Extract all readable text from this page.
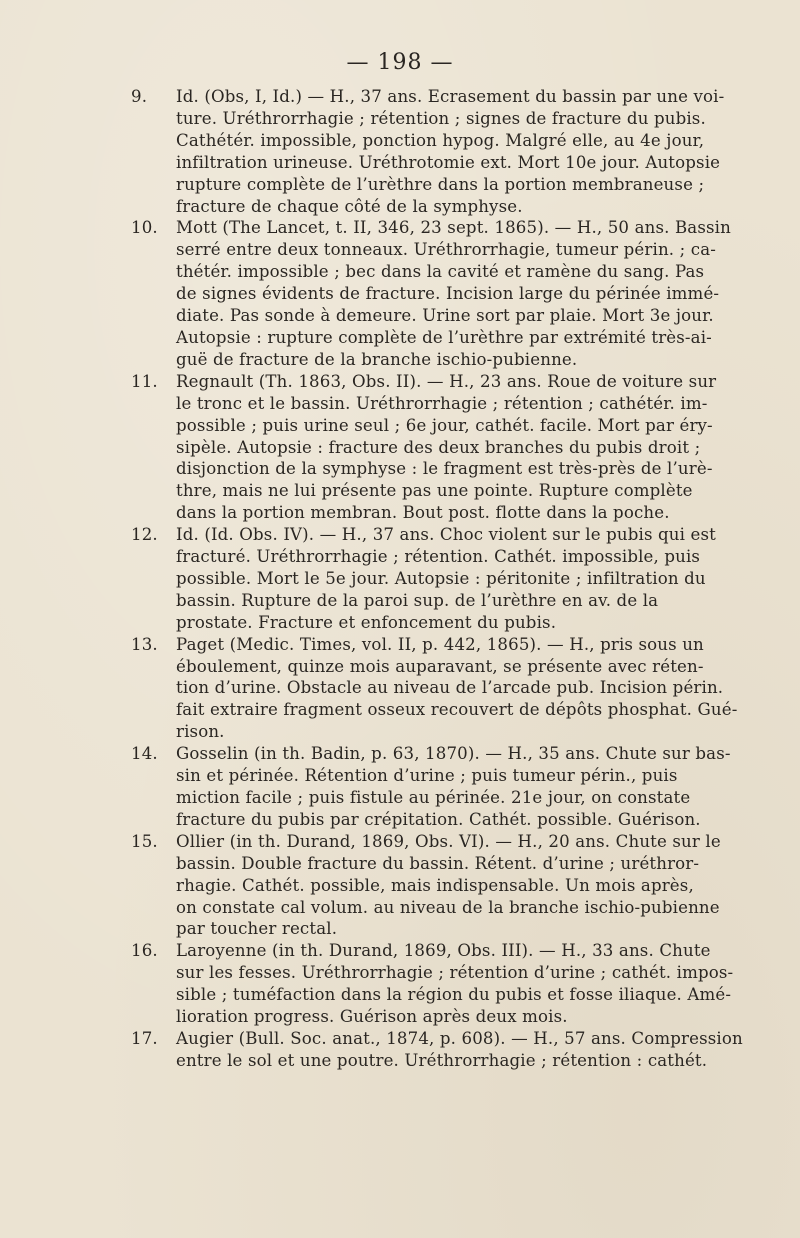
— 198 —
9.	Id. (Obs, I, Id.) — H., 37 ans. Ecrasement du bassin par une voi-
ture. Uréthrorrhagie ; rétention ; signes de fracture du pubis.
Cathétér. impossible, ponction hypog. Malgré elle, au 4e jour,
infiltration urineuse. Uréthrotomie ext. Mort 10e jour. Autopsie
rupture complète de l’urèthre dans la portion membraneuse ;
fracture de chaque côté de la symphyse.
10.	Mott (The Lancet, t. II, 346, 23 sept. 1865). — H., 50 ans. Bassin
serré entre deux tonneaux. Uréthrorrhagie, tumeur périn. ; ca-
thétér. impossible ; bec dans la cavité et ramène du sang. Pas
de signes évidents de fracture. Incision large du périnée immé-
diate. Pas sonde à demeure. Urine sort par plaie. Mort 3e jour.
Autopsie : rupture complète de l’urèthre par extrémité très-ai-
guë de fracture de la branche ischio-pubienne.
11.	Regnault (Th. 1863, Obs. II). — H., 23 ans. Roue de voiture sur
le tronc et le bassin. Uréthrorrhagie ; rétention ; cathétér. im-
possible ; puis urine seul ; 6e jour, cathét. facile. Mort par éry-
sipèle. Autopsie : fracture des deux branches du pubis droit ;
disjonction de la symphyse : le fragment est très-près de l’urè-
thre, mais ne lui présente pas une pointe. Rupture complète
dans la portion membran. Bout post. flotte dans la poche.
12.	Id. (Id. Obs. IV). — H., 37 ans. Choc violent sur le pubis qui est
fracturé. Uréthrorrhagie ; rétention. Cathét. impossible, puis
possible. Mort le 5e jour. Autopsie : péritonite ; infiltration du
bassin. Rupture de la paroi sup. de l’urèthre en av. de la
prostate. Fracture et enfoncement du pubis.
13.	Paget (Medic. Times, vol. II, p. 442, 1865). — H., pris sous un
éboulement, quinze mois auparavant, se présente avec réten-
tion d’urine. Obstacle au niveau de l’arcade pub. Incision périn.
fait extraire fragment osseux recouvert de dépôts phosphat. Gué-
rison.
14.	Gosselin (in th. Badin, p. 63, 1870). — H., 35 ans. Chute sur bas-
sin et périnée. Rétention d’urine ; puis tumeur périn., puis
miction facile ; puis fistule au périnée. 21e jour, on constate
fracture du pubis par crépitation. Cathét. possible. Guérison.
15.	Ollier (in th. Durand, 1869, Obs. VI). — H., 20 ans. Chute sur le
bassin. Double fracture du bassin. Rétent. d’urine ; uréthror-
rhagie. Cathét. possible, mais indispensable. Un mois après,
on constate cal volum. au niveau de la branche ischio-pubienne
par toucher rectal.
16.	Laroyenne (in th. Durand, 1869, Obs. III). — H., 33 ans. Chute
sur les fesses. Uréthrorrhagie ; rétention d’urine ; cathét. impos-
sible ; tuméfaction dans la région du pubis et fosse iliaque. Amé-
lioration progress. Guérison après deux mois.
17.	Augier (Bull. Soc. anat., 1874, p. 608). — H., 57 ans. Compression
entre le sol et une poutre. Uréthrorrhagie ; rétention : cathét.
